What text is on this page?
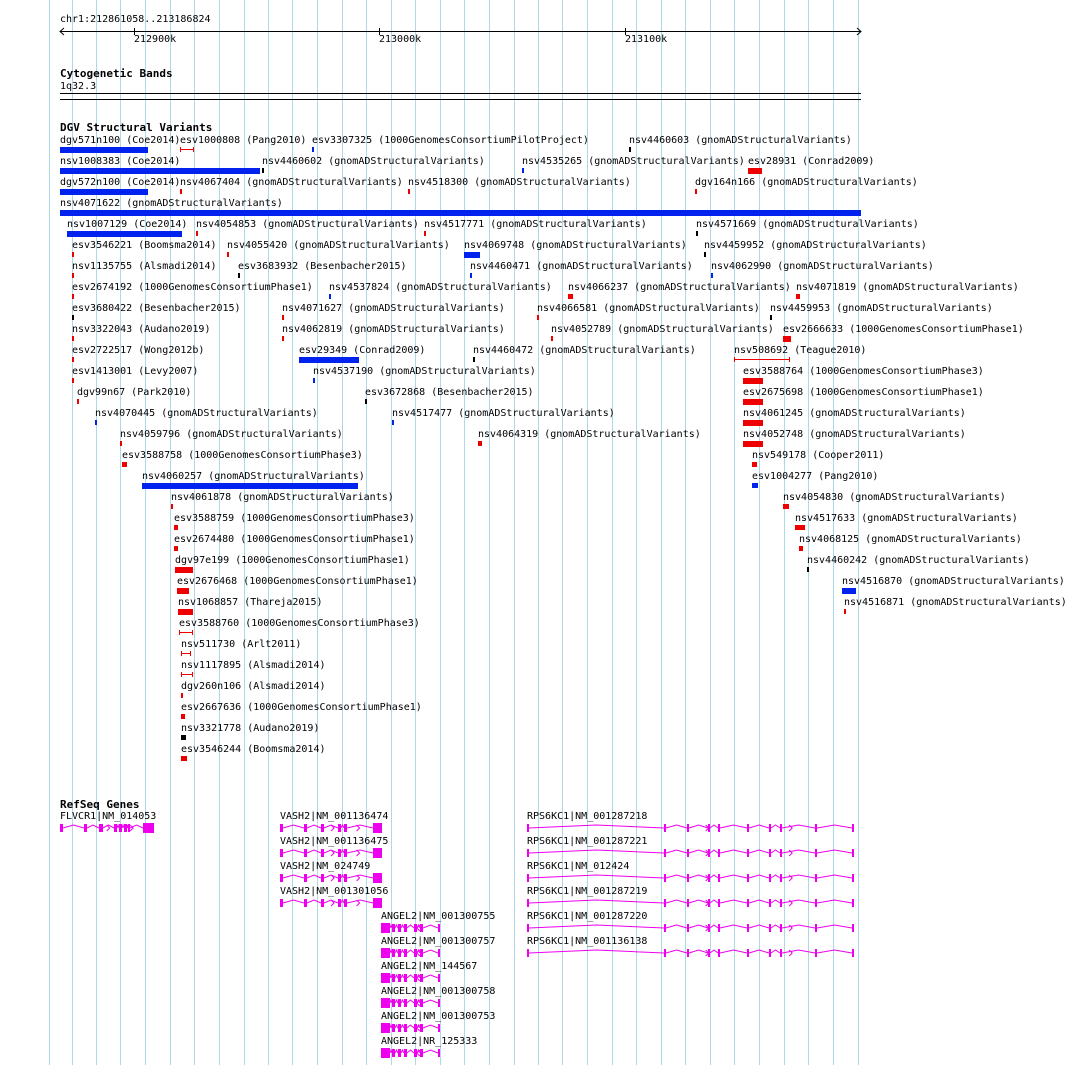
chr1:212861058..213186824
212900k	213000k	213100k
Cytogenetic Bands
1q32.3
DGV Structural Variants
RefSeq Genes
dgv571n100 (Coe2014) esv1000808 (Pang2010) esv3307325 (1000GenomesConsortiumPilotProject)	nsv4460603 (gnomADStructuralVariants)
nsv1008383 (Coe2014)	nsv4460602 (gnomADStructuralVariants)	nsv4535265 (gnomADStructuralVariants) esv28931 (Conrad2009)
dgv572n100 (Coe2014) nsv4067404 (gnomADStructuralVariants) nsv4518300 (gnomADStructuralVariants)	dgv164n166 (gnomADStructuralVariants)
nsv4071622 (gnomADStructuralVariants)
nsv1007129 (Coe2014) nsv4054853 (gnomADStructuralVariants) nsv4517771 (gnomADStructuralVariants)	nsv4571669 (gnomADStructuralVariants)
esv3546221 (Boomsma2014) nsv4055420 (gnomADStructuralVariants) nsv4069748 (gnomADStructuralVariants) nsv4459952 (gnomADStructuralVariants)
nsv1135755 (Alsmadi2014) esv3683932 (Besenbacher2015)	nsv4460471 (gnomADStructuralVariants) nsv4062990 (gnomADStructuralVariants)
esv2674192 (1000GenomesConsortiumPhase1) nsv4537824 (gnomADStructuralVariants) nsv4066237 (gnomADStructuralVariants) nsv4071819 (gnomADStructuralVariants)
esv3680422 (Besenbacher2015)	nsv4071627 (gnomADStructuralVariants)	nsv4066581 (gnomADStructuralVariants) nsv4459953 (gnomADStructuralVariants)
nsv3322043 (Audano2019)	nsv4062819 (gnomADStructuralVariants)	nsv4052789 (gnomADStructuralVariants) esv2666633 (1000GenomesConsortiumPhase1)
esv2722517 (Wong2012b)	esv29349 (Conrad2009)	nsv4460472 (gnomADStructuralVariants)	nsv508692 (Teague2010)
esv1413001 (Levy2007)	nsv4537190 (gnomADStructuralVariants)	esv3588764 (1000GenomesConsortiumPhase3)
dgv99n67 (Park2010)	esv3672868 (Besenbacher2015)	esv2675698 (1000GenomesConsortiumPhase1)
nsv4070445 (gnomADStructuralVariants)	nsv4517477 (gnomADStructuralVariants)	nsv4061245 (gnomADStructuralVariants)
nsv4059796 (gnomADStructuralVariants)	nsv4064319 (gnomADStructuralVariants)	nsv4052748 (gnomADStructuralVariants)
esv3588758 (1000GenomesConsortiumPhase3)	nsv549178 (Cooper2011)
nsv4060257 (gnomADStructuralVariants)	esv1004277 (Pang2010)
nsv4061878 (gnomADStructuralVariants)	nsv4054830 (gnomADStructuralVariants)
esv3588759 (1000GenomesConsortiumPhase3)	nsv4517633 (gnomADStructuralVariants)
esv2674480 (1000GenomesConsortiumPhase1)	nsv4068125 (gnomADStructuralVariants)
dgv97e199 (1000GenomesConsortiumPhase1)	nsv4460242 (gnomADStructuralVariants)
esv2676468 (1000GenomesConsortiumPhase1)	nsv4516870 (gnomADStructuralVariants)
nsv1068857 (Thareja2015)	nsv4516871 (gnomADStructuralVariants)
esv3588760 (1000GenomesConsortiumPhase3)
nsv511730 (Arlt2011)
nsv1117895 (Alsmadi2014)
dgv260n106 (Alsmadi2014)
esv2667636 (1000GenomesConsortiumPhase1)
nsv3321778 (Audano2019)
esv3546244 (Boomsma2014)
FLVCR1|NM_014053	VASH2|NM_001136474
VASH2|NM_001136475
VASH2|NM_024749
VASH2|NM_001301056
ANGEL2|NM_001300755
ANGEL2|NM_001300757
ANGEL2|NM_144567
ANGEL2|NM_001300758
ANGEL2|NM_001300753
ANGEL2|NR_125333
RPS6KC1|NM_001287218
RPS6KC1|NM_001287221
RPS6KC1|NM_012424
RPS6KC1|NM_001287219
RPS6KC1|NM_001287220
RPS6KC1|NM_001136138
